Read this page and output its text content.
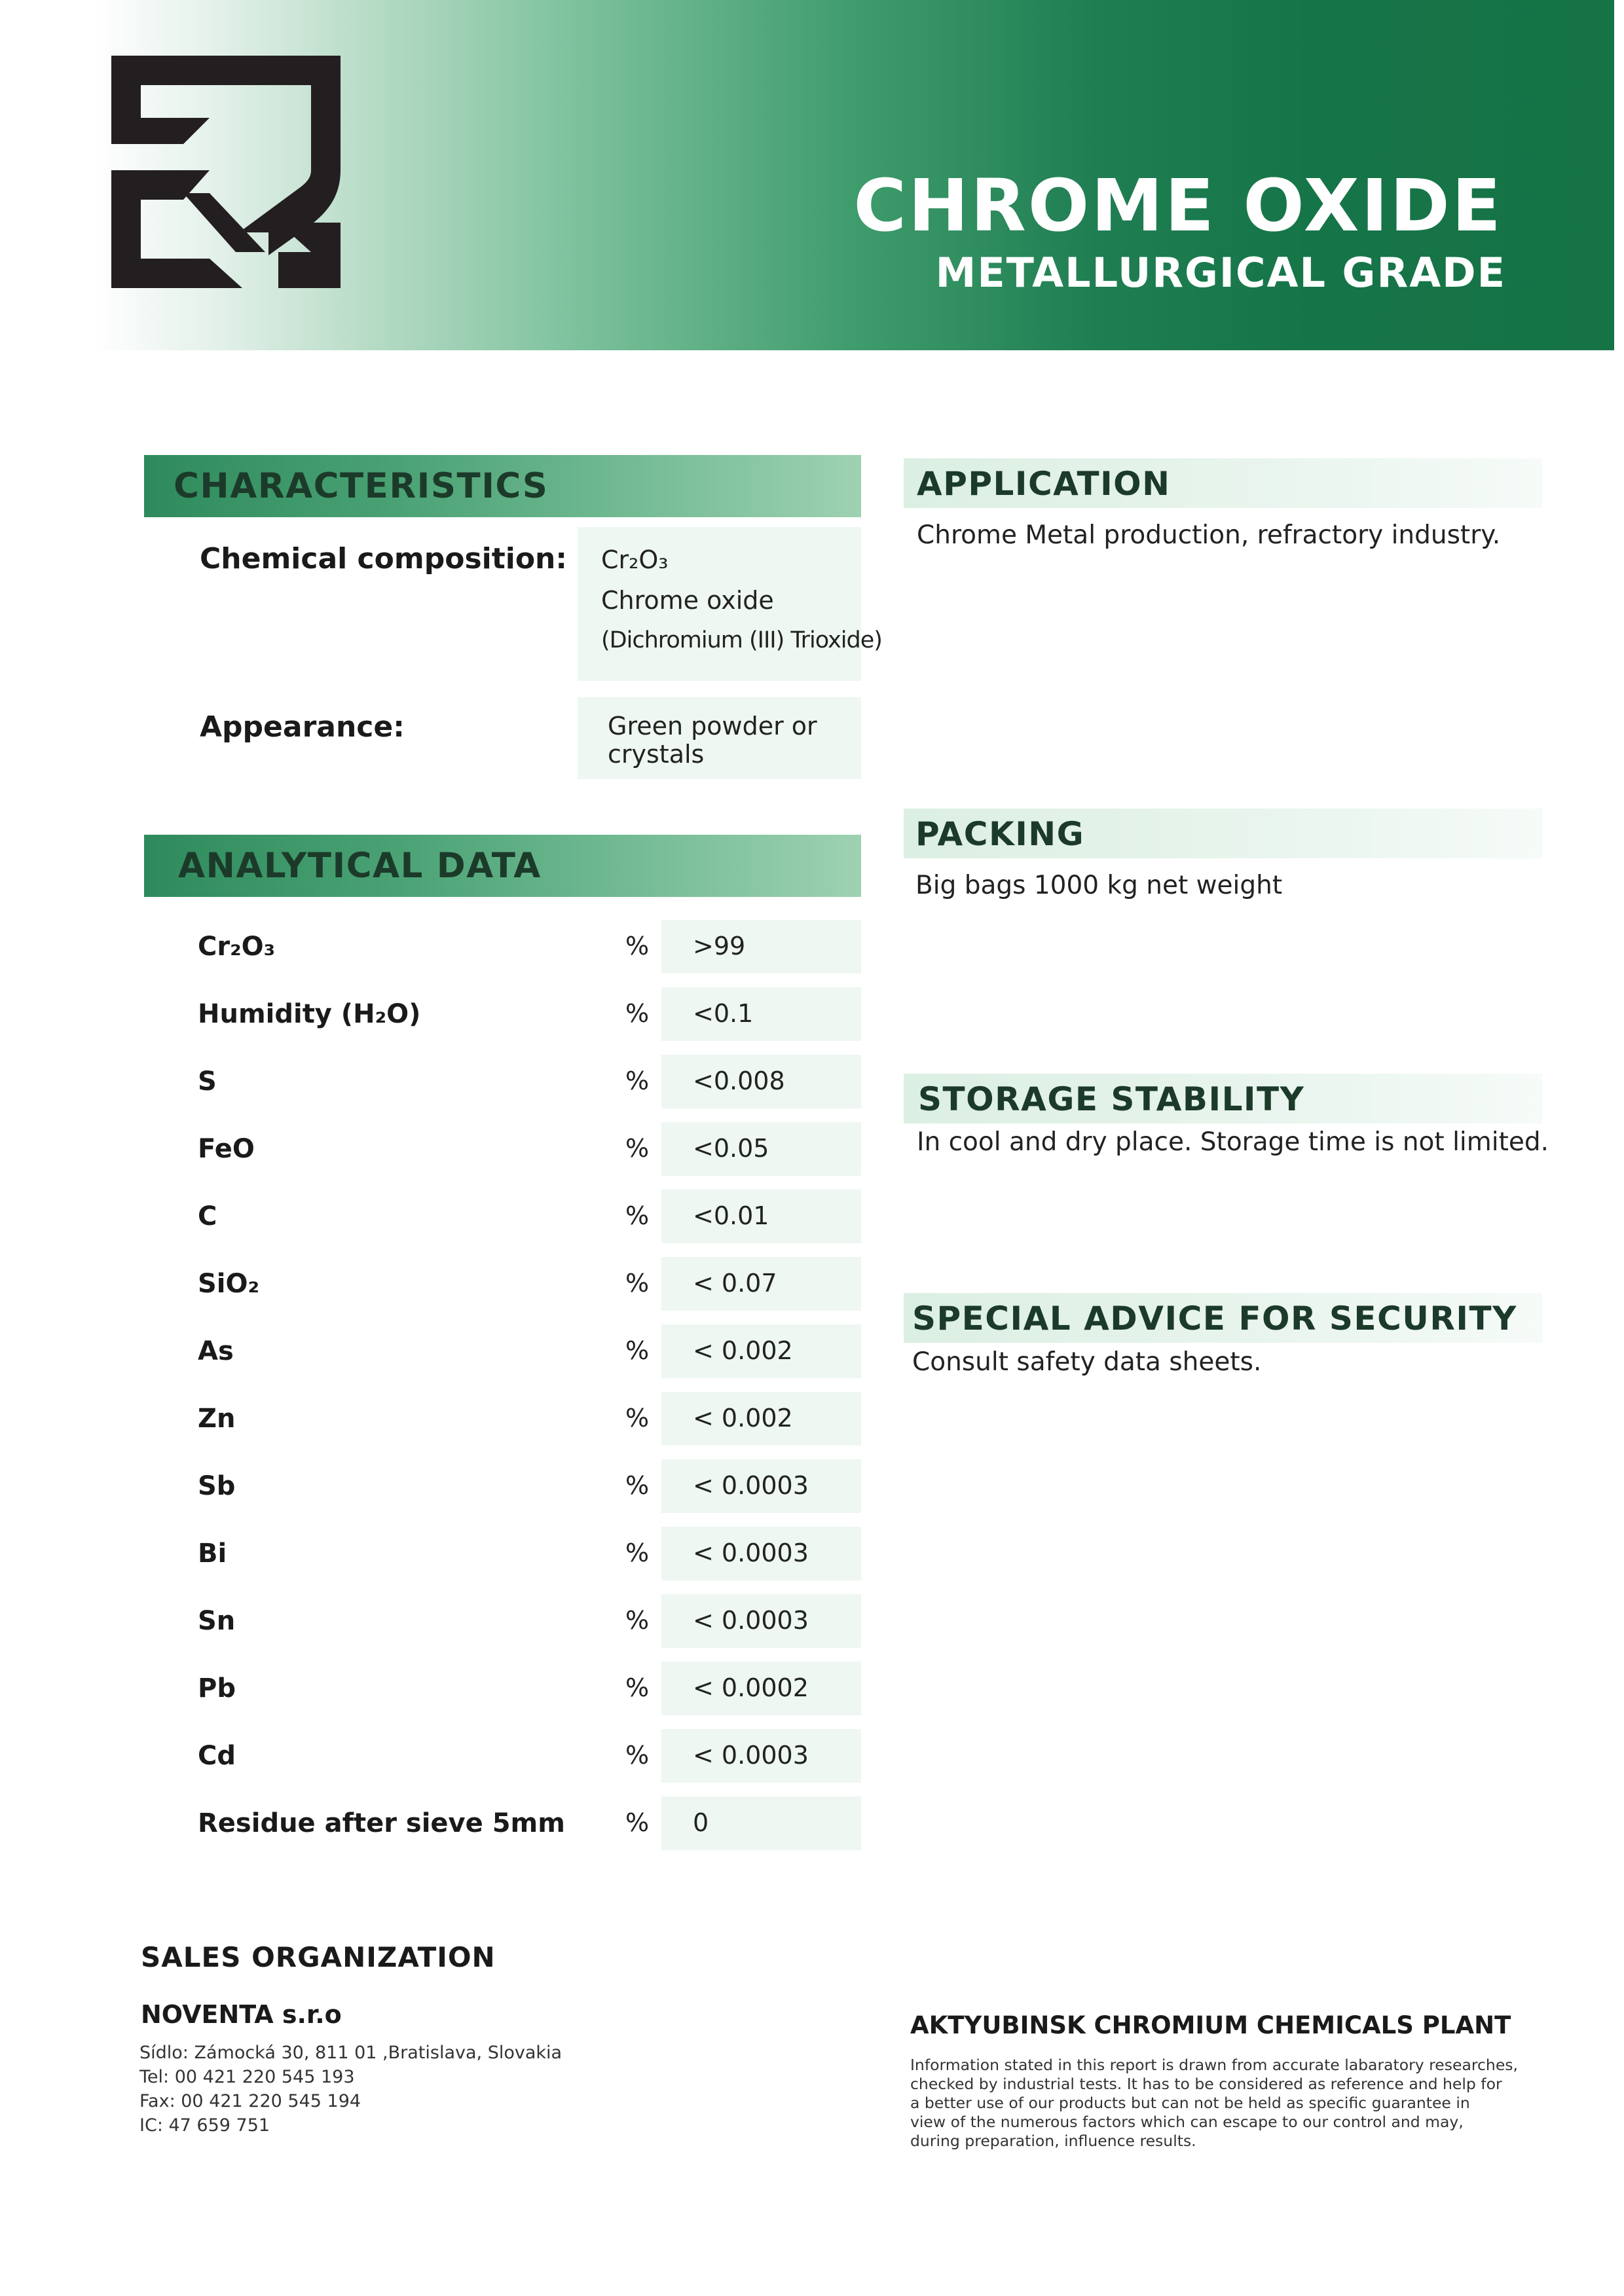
CHROME OXIDE
METALLURGICAL GRADE
CHARACTERISTICS
Chemical composition: Cr₂O₃
Chrome oxide
(Dichromium (III) Trioxide)
Appearance:	Green powder or
crystals
ANALYTICAL DATA
Cr₂O₃	% >99
Humidity (H₂O)	% <0.1
S	% <0.008
FeO	% <0.05
C	% <0.01
SiO₂	% < 0.07
As	% < 0.002
Zn	% < 0.002
Sb	% < 0.0003
Bi	% < 0.0003
Sn	% < 0.0003
Pb	% < 0.0002
Cd	% < 0.0003
Residue after sieve 5mm % 0
APPLICATION
Chrome Metal production, refractory industry.
PACKING
Big bags 1000 kg net weight
STORAGE STABILITY
In cool and dry place. Storage time is not limited.
SPECIAL ADVICE FOR SECURITY
Consult safety data sheets.
SALES ORGANIZATION
NOVENTA s.r.o
Sídlo: Zámocká 30, 811 01 ,Bratislava, Slovakia
Tel: 00 421 220 545 193
Fax: 00 421 220 545 194
IC: 47 659 751
AKTYUBINSK CHROMIUM CHEMICALS PLANT
Information stated in this report is drawn from accurate labaratory researches,
checked by industrial tests. It has to be considered as reference and help for
a better use of our products but can not be held as specific guarantee in
view of the numerous factors which can escape to our control and may,
during preparation, influence results.
